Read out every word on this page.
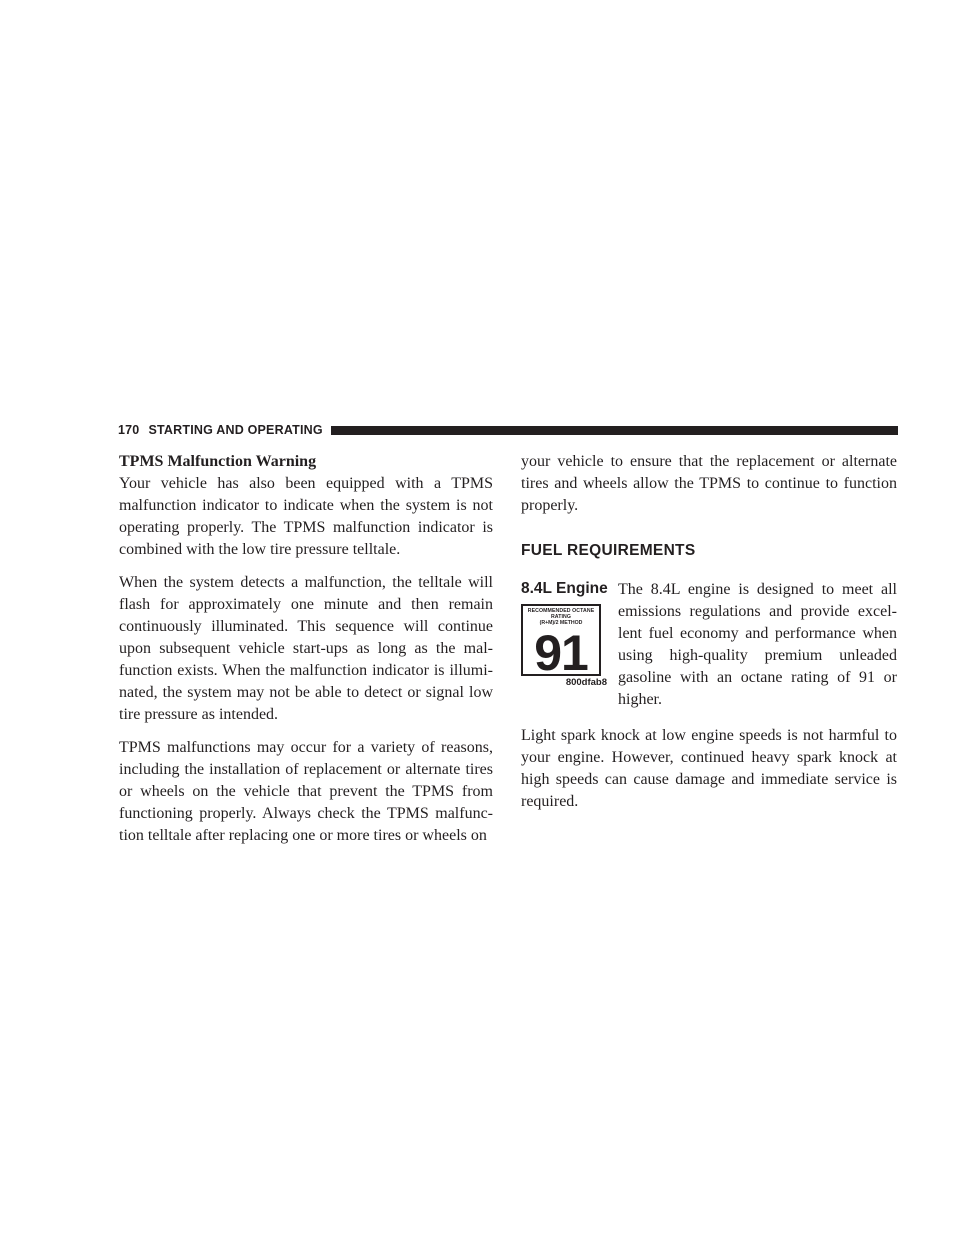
170 STARTING AND OPERATING
TPMS Malfunction Warning

Your vehicle has also been equipped with a TPMS malfunction indicator to indicate when the system is not operating properly. The TPMS malfunction indicator is combined with the low tire pressure telltale.

When the system detects a malfunction, the telltale will flash for approximately one minute and then remain continuously illuminated. This sequence will continue upon subsequent vehicle start-ups as long as the mal- function exists. When the malfunction indicator is illumi- nated, the system may not be able to detect or signal low tire pressure as intended.

TPMS malfunctions may occur for a variety of reasons, including the installation of replacement or alternate tires or wheels on the vehicle that prevent the TPMS from functioning properly. Always check the TPMS malfunc- tion telltale after replacing one or more tires or wheels on

your vehicle to ensure that the replacement or alternate tires and wheels allow the TPMS to continue to function properly.

FUEL REQUIREMENTS
8.4L Engine
RECOMMENDED OCTANE RATING
(R+M)/2 METHOD
91
800dfab8

The 8.4L engine is designed to meet all emissions regulations and provide excel- lent fuel economy and performance when using high-quality premium unleaded gasoline with an octane rating of 91 or higher.

Light spark knock at low engine speeds is not harmful to your engine. However, continued heavy spark knock at high speeds can cause damage and immediate service is required.
